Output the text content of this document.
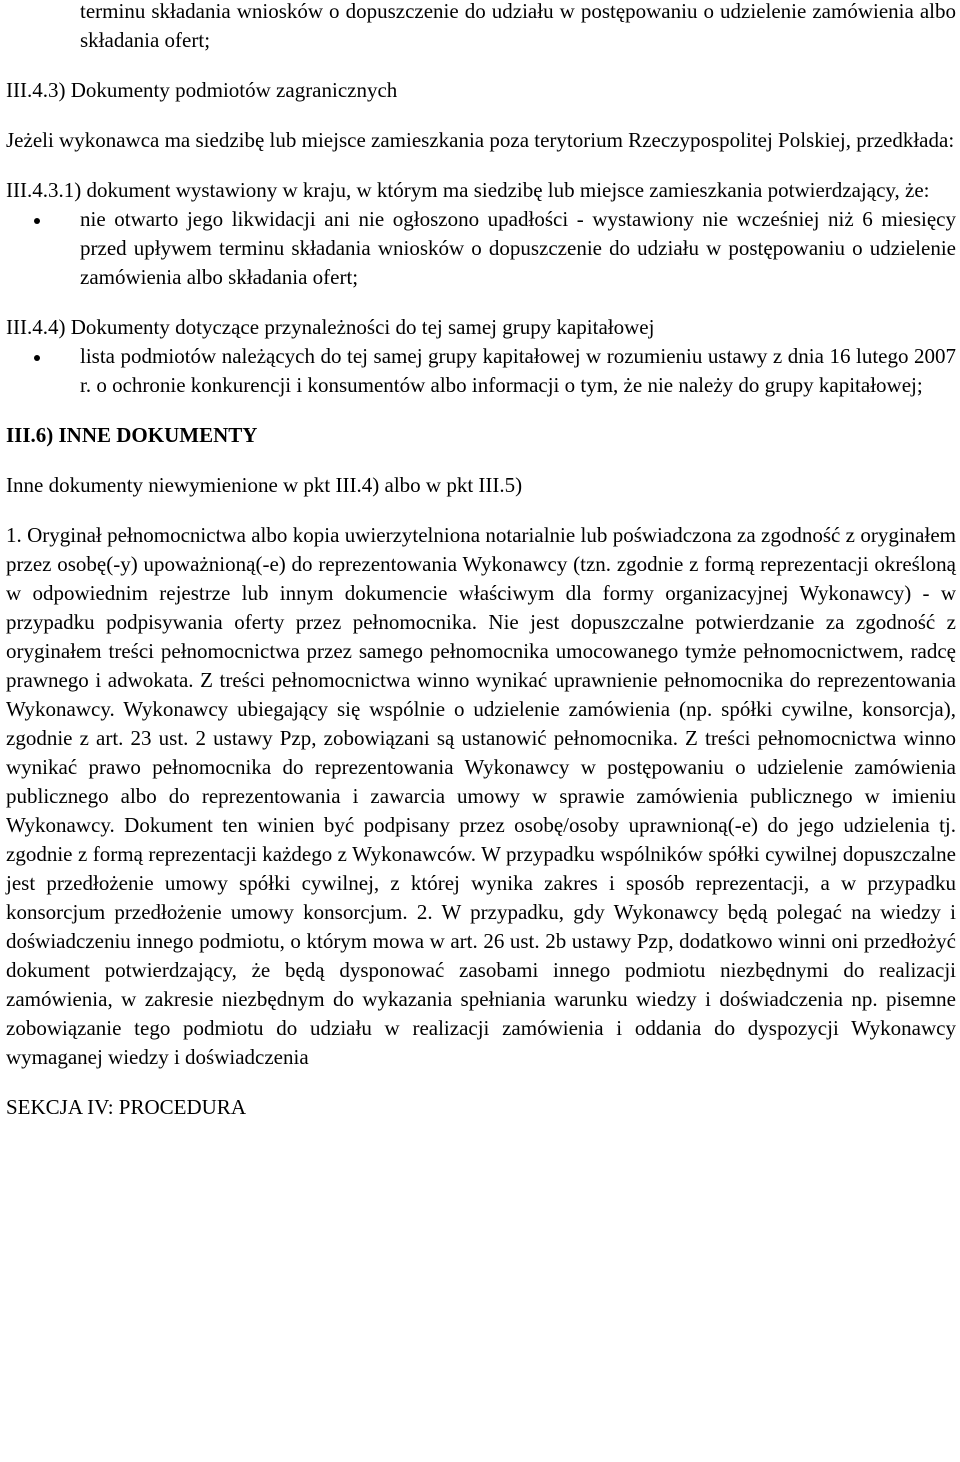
terminu składania wniosków o dopuszczenie do udziału w postępowaniu o udzielenie zamówienia albo składania ofert;

III.4.3) Dokumenty podmiotów zagranicznych

Jeżeli wykonawca ma siedzibę lub miejsce zamieszkania poza terytorium Rzeczypospolitej Polskiej, przedkłada:

III.4.3.1) dokument wystawiony w kraju, w którym ma siedzibę lub miejsce zamieszkania potwierdzający, że:

nie otwarto jego likwidacji ani nie ogłoszono upadłości - wystawiony nie wcześniej niż 6 miesięcy przed upływem terminu składania wniosków o dopuszczenie do udziału w postępowaniu o udzielenie zamówienia albo składania ofert;

III.4.4) Dokumenty dotyczące przynależności do tej samej grupy kapitałowej

lista podmiotów należących do tej samej grupy kapitałowej w rozumieniu ustawy z dnia 16 lutego 2007 r. o ochronie konkurencji i konsumentów albo informacji o tym, że nie należy do grupy kapitałowej;

III.6) INNE DOKUMENTY

Inne dokumenty niewymienione w pkt III.4) albo w pkt III.5)

1. Oryginał pełnomocnictwa albo kopia uwierzytelniona notarialnie lub poświadczona za zgodność z oryginałem przez osobę(-y) upoważnioną(-e) do reprezentowania Wykonawcy (tzn. zgodnie z formą reprezentacji określoną w odpowiednim rejestrze lub innym dokumencie właściwym dla formy organizacyjnej Wykonawcy) - w przypadku podpisywania oferty przez pełnomocnika. Nie jest dopuszczalne potwierdzanie za zgodność z oryginałem treści pełnomocnictwa przez samego pełnomocnika umocowanego tymże pełnomocnictwem, radcę prawnego i adwokata. Z treści pełnomocnictwa winno wynikać uprawnienie pełnomocnika do reprezentowania Wykonawcy. Wykonawcy ubiegający się wspólnie o udzielenie zamówienia (np. spółki cywilne, konsorcja), zgodnie z art. 23 ust. 2 ustawy Pzp, zobowiązani są ustanowić pełnomocnika. Z treści pełnomocnictwa winno wynikać prawo pełnomocnika do reprezentowania Wykonawcy w postępowaniu o udzielenie zamówienia publicznego albo do reprezentowania i zawarcia umowy w sprawie zamówienia publicznego w imieniu Wykonawcy. Dokument ten winien być podpisany przez osobę/osoby uprawnioną(-e) do jego udzielenia tj. zgodnie z formą reprezentacji każdego z Wykonawców. W przypadku wspólników spółki cywilnej dopuszczalne jest przedłożenie umowy spółki cywilnej, z której wynika zakres i sposób reprezentacji, a w przypadku konsorcjum przedłożenie umowy konsorcjum. 2. W przypadku, gdy Wykonawcy będą polegać na wiedzy i doświadczeniu innego podmiotu, o którym mowa w art. 26 ust. 2b ustawy Pzp, dodatkowo winni oni przedłożyć dokument potwierdzający, że będą dysponować zasobami innego podmiotu niezbędnymi do realizacji zamówienia, w zakresie niezbędnym do wykazania spełniania warunku wiedzy i doświadczenia np. pisemne zobowiązanie tego podmiotu do udziału w realizacji zamówienia i oddania do dyspozycji Wykonawcy wymaganej wiedzy i doświadczenia

SEKCJA IV: PROCEDURA
